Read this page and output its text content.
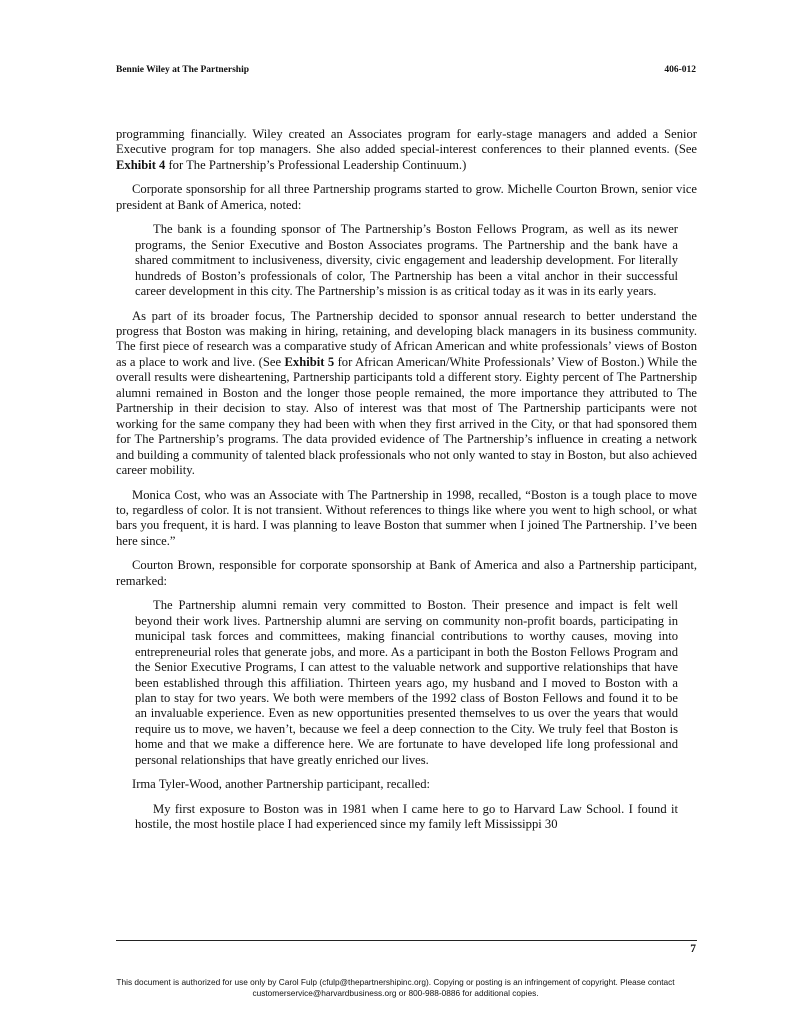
Bennie Wiley at The Partnership	406-012

programming financially. Wiley created an Associates program for early-stage managers and added a Senior Executive program for top managers. She also added special-interest conferences to their planned events. (See Exhibit 4 for The Partnership’s Professional Leadership Continuum.)

Corporate sponsorship for all three Partnership programs started to grow. Michelle Courton Brown, senior vice president at Bank of America, noted:

The bank is a founding sponsor of The Partnership’s Boston Fellows Program, as well as its newer programs, the Senior Executive and Boston Associates programs. The Partnership and the bank have a shared commitment to inclusiveness, diversity, civic engagement and leadership development. For literally hundreds of Boston’s professionals of color, The Partnership has been a vital anchor in their successful career development in this city. The Partnership’s mission is as critical today as it was in its early years.

As part of its broader focus, The Partnership decided to sponsor annual research to better understand the progress that Boston was making in hiring, retaining, and developing black managers in its business community. The first piece of research was a comparative study of African American and white professionals’ views of Boston as a place to work and live. (See Exhibit 5 for African American/White Professionals’ View of Boston.) While the overall results were disheartening, Partnership participants told a different story. Eighty percent of The Partnership alumni remained in Boston and the longer those people remained, the more importance they attributed to The Partnership in their decision to stay. Also of interest was that most of The Partnership participants were not working for the same company they had been with when they first arrived in the City, or that had sponsored them for The Partnership’s programs. The data provided evidence of The Partnership’s influence in creating a network and building a community of talented black professionals who not only wanted to stay in Boston, but also achieved career mobility.

Monica Cost, who was an Associate with The Partnership in 1998, recalled, “Boston is a tough place to move to, regardless of color. It is not transient. Without references to things like where you went to high school, or what bars you frequent, it is hard. I was planning to leave Boston that summer when I joined The Partnership. I’ve been here since.”

Courton Brown, responsible for corporate sponsorship at Bank of America and also a Partnership participant, remarked:

The Partnership alumni remain very committed to Boston. Their presence and impact is felt well beyond their work lives. Partnership alumni are serving on community non-profit boards, participating in municipal task forces and committees, making financial contributions to worthy causes, moving into entrepreneurial roles that generate jobs, and more. As a participant in both the Boston Fellows Program and the Senior Executive Programs, I can attest to the valuable network and supportive relationships that have been established through this affiliation. Thirteen years ago, my husband and I moved to Boston with a plan to stay for two years. We both were members of the 1992 class of Boston Fellows and found it to be an invaluable experience. Even as new opportunities presented themselves to us over the years that would require us to move, we haven’t, because we feel a deep connection to the City. We truly feel that Boston is home and that we make a difference here. We are fortunate to have developed life long professional and personal relationships that have greatly enriched our lives.

Irma Tyler-Wood, another Partnership participant, recalled:

My first exposure to Boston was in 1981 when I came here to go to Harvard Law School. I found it hostile, the most hostile place I had experienced since my family left Mississippi 30

7
This document is authorized for use only by Carol Fulp (cfulp@thepartnershipinc.org). Copying or posting is an infringement of copyright. Please contact
customerservice@harvardbusiness.org or 800-988-0886 for additional copies.
